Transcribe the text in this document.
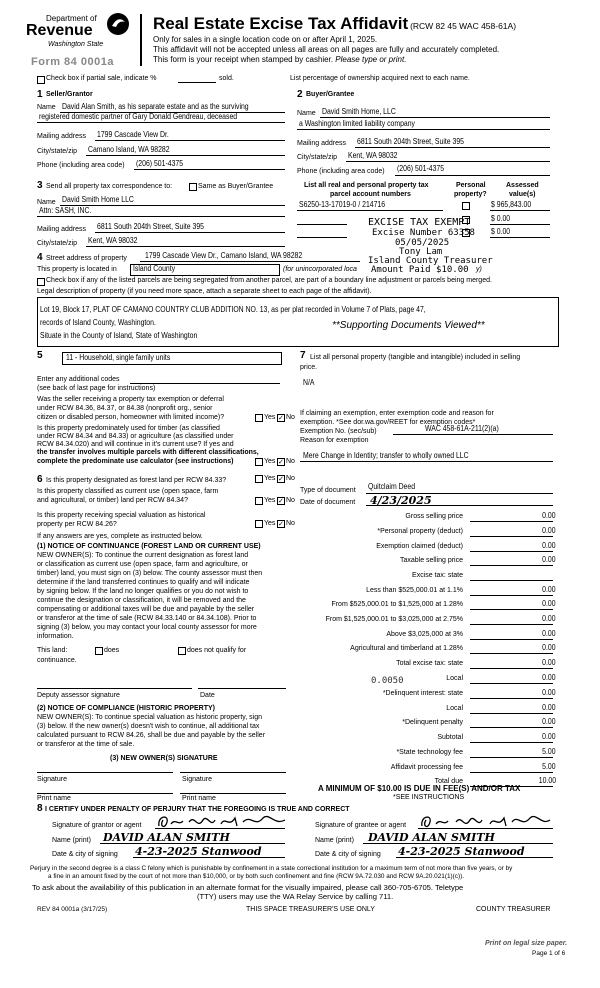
Department of
Revenue
Washington State
Form 84 0001a
Real Estate Excise Tax Affidavit (RCW 82 45 WAC 458-61A)
Only for sales in a single location code on or after April 1, 2025.
This affidavit will not be accepted unless all areas on all pages are fully and accurately completed.
This form is your receipt when stamped by cashier. Please type or print.
Check box if partial sale, indicate %	sold.	List percentage of ownership acquired next to each name.
1 Seller/Grantor
Name David Alan Smith, as his separate estate and as the surviving
registered domestic partner of Gary Donald Gendreau, deceased
Mailing address 1799 Cascade View Dr.
City/state/zip Camano Island, WA 98282
Phone (including area code) (206) 501-4375
2 Buyer/Grantee
Name David Smith Home, LLC
a Washington limited liability company
Mailing address 6811 South 204th Street, Suite 395
City/state/zip Kent, WA 98032
Phone (including area code) (206) 501-4375
3 Send all property tax correspondence to:	Same as Buyer/Grantee
Name David Smith Home LLC
Attn: SASH, INC.
Mailing address 6811 South 204th Street, Suite 395
City/state/zip Kent, WA 98032
List all real and personal property tax
parcel account numbers
Personal
property?
Assessed
value(s)
S6250-13-17019-0 / 214716	$ 965,843.00
$ 0.00
$ 0.00
EXCISE TAX EXEMPT
Excise Number 63358
05/05/2025
Tony Lam
Island County Treasurer
Amount Paid $10.00
4 Street address of property 1799 Cascade View Dr., Camano Island, WA 98282
This property is located in Island County	(for unincorporated loca	y)
Check box if any of the listed parcels are being segregated from another parcel, are part of a boundary line adjustment or parcels being merged.
Legal description of property (if you need more space, attach a separate sheet to each page of the affidavit).
Lot 19, Block 17, PLAT OF CAMANO COUNTRY CLUB ADDITION NO. 13, as per plat recorded in Volume 7 of Plats, page 47,
records of Island County, Washington.
Situate in the County of Island, State of Washington
**Supporting Documents Viewed**
5	11 - Household, single family units
Enter any additional codes
(see back of last page for instructions)
Was the seller receiving a property tax exemption or deferral
under RCW 84.36, 84.37, or 84.38 (nonprofit org., senior
citizen or disabled person, homeowner with limited income)?	Yes ✓ No
Is this property predominately used for timber (as classified
under RCW 84.34 and 84.33) or agriculture (as classified under
RCW 84.34.020) and will continue in it's current use? If yes and
the transfer involves multiple parcels with different classifications,
complete the predominate use calculator (see instructions)	Yes ✓ No
6 Is this property designated as forest land per RCW 84.33?	Yes ✓ No
Is this property classified as current use (open space, farm
and agricultural, or timber) land per RCW 84.34?	Yes ✓ No
Is this property receiving special valuation as historical
property per RCW 84.26?	Yes ✓ No
If any answers are yes, complete as instructed below.
(1) NOTICE OF CONTINUANCE (FOREST LAND OR CURRENT USE)
NEW OWNER(S): To continue the current designation as forest land
or classification as current use (open space, farm and agriculture, or
timber) land, you must sign on (3) below. The county assessor must then
determine if the land transferred continues to qualify and will indicate
by signing below. If the land no longer qualifies or you do not wish to
continue the designation or classification, it will be removed and the
compensating or additional taxes will be due and payable by the seller
or transferor at the time of sale (RCW 84.33.140 or 84.34.108). Prior to
signing (3) below, you may contact your local county assessor for more
information.
This land:	does	does not qualify for
continuance.
Deputy assessor signature	Date
(2) NOTICE OF COMPLIANCE (HISTORIC PROPERTY)
NEW OWNER(S): To continue special valuation as historic property, sign
(3) below. If the new owner(s) doesn't wish to continue, all additional tax
calculated pursuant to RCW 84.26, shall be due and payable by the seller
or transferor at the time of sale.
(3) NEW OWNER(S) SIGNATURE
Signature	Signature
Print name	Print name
7 List all personal property (tangible and intangible) included in selling
price.
N/A
If claiming an exemption, enter exemption code and reason for
exemption. *See dor.wa.gov/REET for exemption codes*
Exemption No. (sec/sub)	WAC 458-61A-211(2)(a)
Reason for exemption
Mere Change in Identity; transfer to wholly owned LLC
Type of document Quitclaim Deed
Date of document 4/23/2025
Gross selling price	0.00
*Personal property (deduct)	0.00
Exemption claimed (deduct)	0.00
Taxable selling price	0.00
Excise tax: state
Less than $525,000.01 at 1.1%	0.00
From $525,000.01 to $1,525,000 at 1.28%	0.00
From $1,525,000.01 to $3,025,000 at 2.75%	0.00
Above $3,025,000 at 3%	0.00
Agricultural and timberland at 1.28%	0.00
Total excise tax: state	0.00
Local	0.00
*Delinquent interest: state	0.00
Local	0.00
*Delinquent penalty	0.00
Subtotal	0.00
*State technology fee	5.00
Affidavit processing fee	5.00
Total due	10.00
0.0050
A MINIMUM OF $10.00 IS DUE IN FEE(S) AND/OR TAX
*SEE INSTRUCTIONS
8 I CERTIFY UNDER PENALTY OF PERJURY THAT THE FOREGOING IS TRUE AND CORRECT
Signature of grantor or agent
Name (print) DAVID ALAN SMITH
Date & city of signing 4-23-2025 Stanwood
Signature of grantee or agent
Name (print) DAVID ALAN SMITH
Date & city of signing 4-23-2025 Stanwood
Perjury in the second degree is a class C felony which is punishable by confinement in a state correctional institution for a maximum term of not more than five years, or by
a fine in an amount fixed by the court of not more than $10,000, or by both such confinement and fine (RCW 9A.72.030 and RCW 9A.20.021(1)(c)).
To ask about the availability of this publication in an alternate format for the visually impaired, please call 360-705-6705. Teletype
(TTY) users may use the WA Relay Service by calling 711.
REV 84 0001a (3/17/25)	THIS SPACE TREASURER'S USE ONLY	COUNTY TREASURER
Print on legal size paper.
Page 1 of 6
